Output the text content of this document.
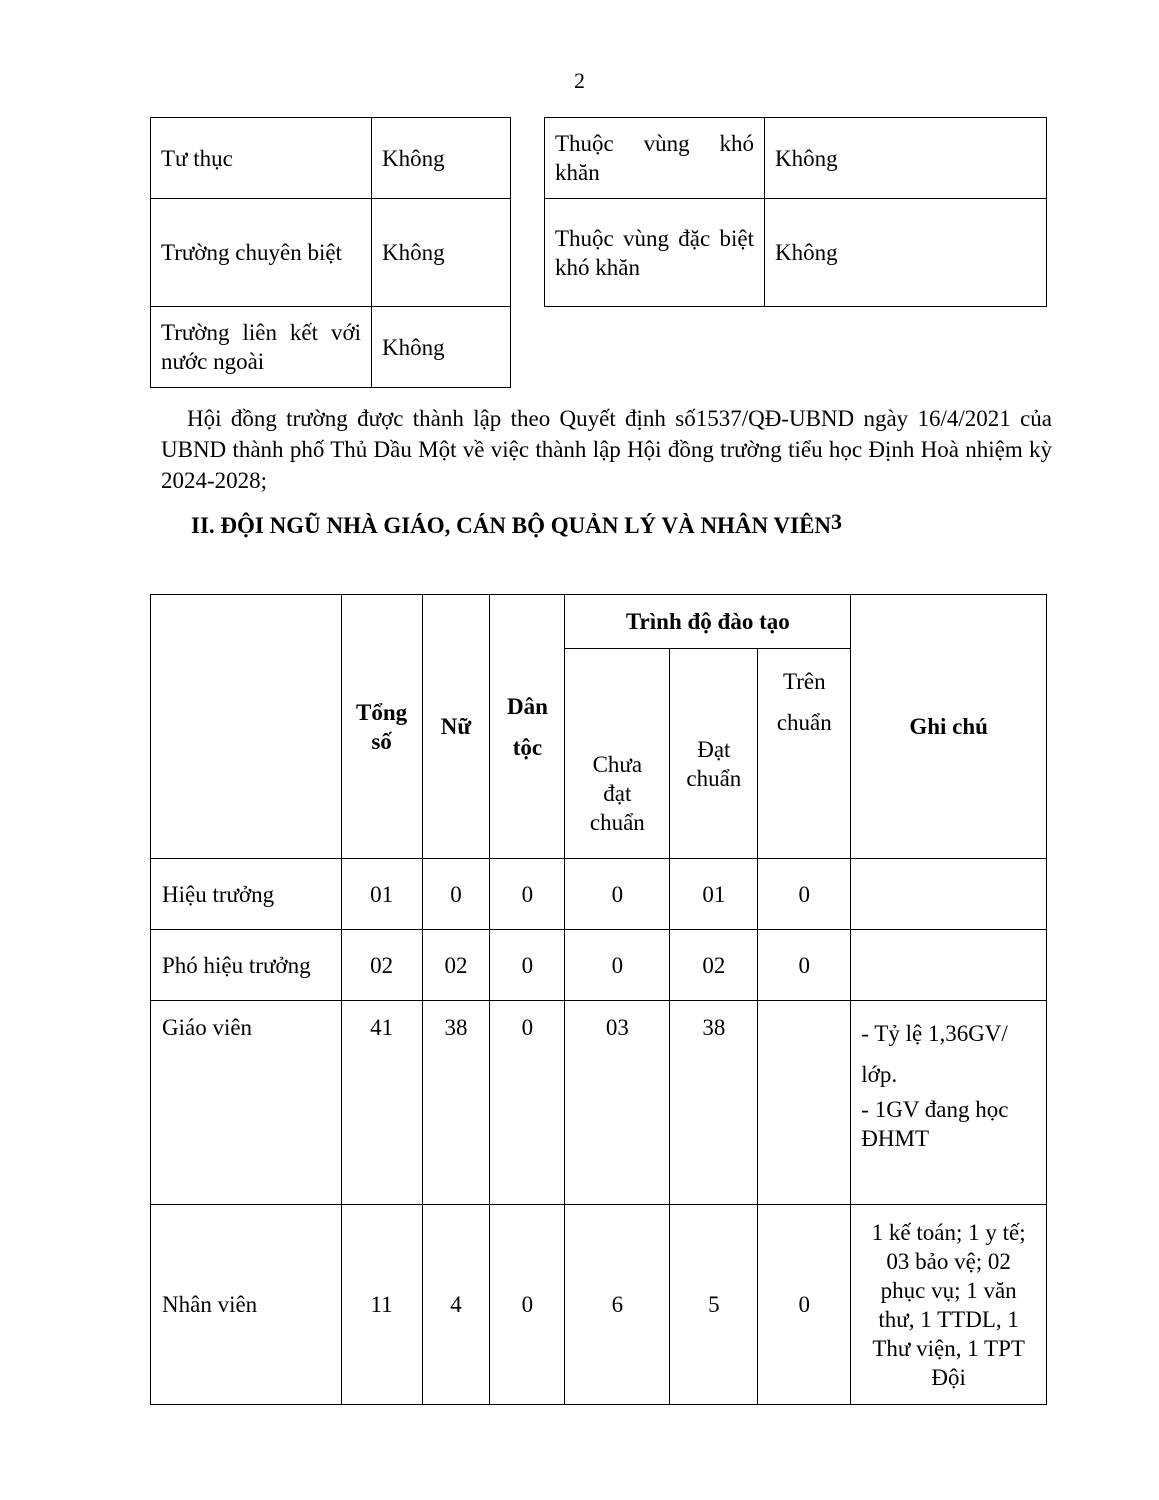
2
Tư thục	Không
Trường chuyên biệt	Không
Trường liên kết với nước ngoài	Không
Thuộc vùng khó khăn	Không
Thuộc vùng đặc biệt khó khăn	Không
Hội đồng trường được thành lập theo Quyết định số1537/QĐ-UBND ngày 16/4/2021 của UBND thành phố Thủ Dầu Một về việc thành lập Hội đồng trường tiểu học Định Hoà nhiệm kỳ 2024-2028;
II. ĐỘI NGŨ NHÀ GIÁO, CÁN BỘ QUẢN LÝ VÀ NHÂN VIÊN$^3$
	Tổng số	Nữ	Dân tộc	Trình độ đào tạo			Ghi chú
				Chưa đạt chuẩn	Đạt chuẩn	Trên chuẩn	
Hiệu trưởng	01	0	0	0	01	0	
Phó hiệu trưởng	02	02	0	0	02	0	
Giáo viên	41	38	0	03	38		- Tỷ lệ 1,36GV/ lớp.
- 1GV đang học ĐHMT

Nhân viên	11	4	0	6	5	0	1 kế toán; 1 y tế; 03 bảo vệ; 02 phục vụ; 1 văn thư, 1 TTDL, 1 Thư viện, 1 TPT Đội
